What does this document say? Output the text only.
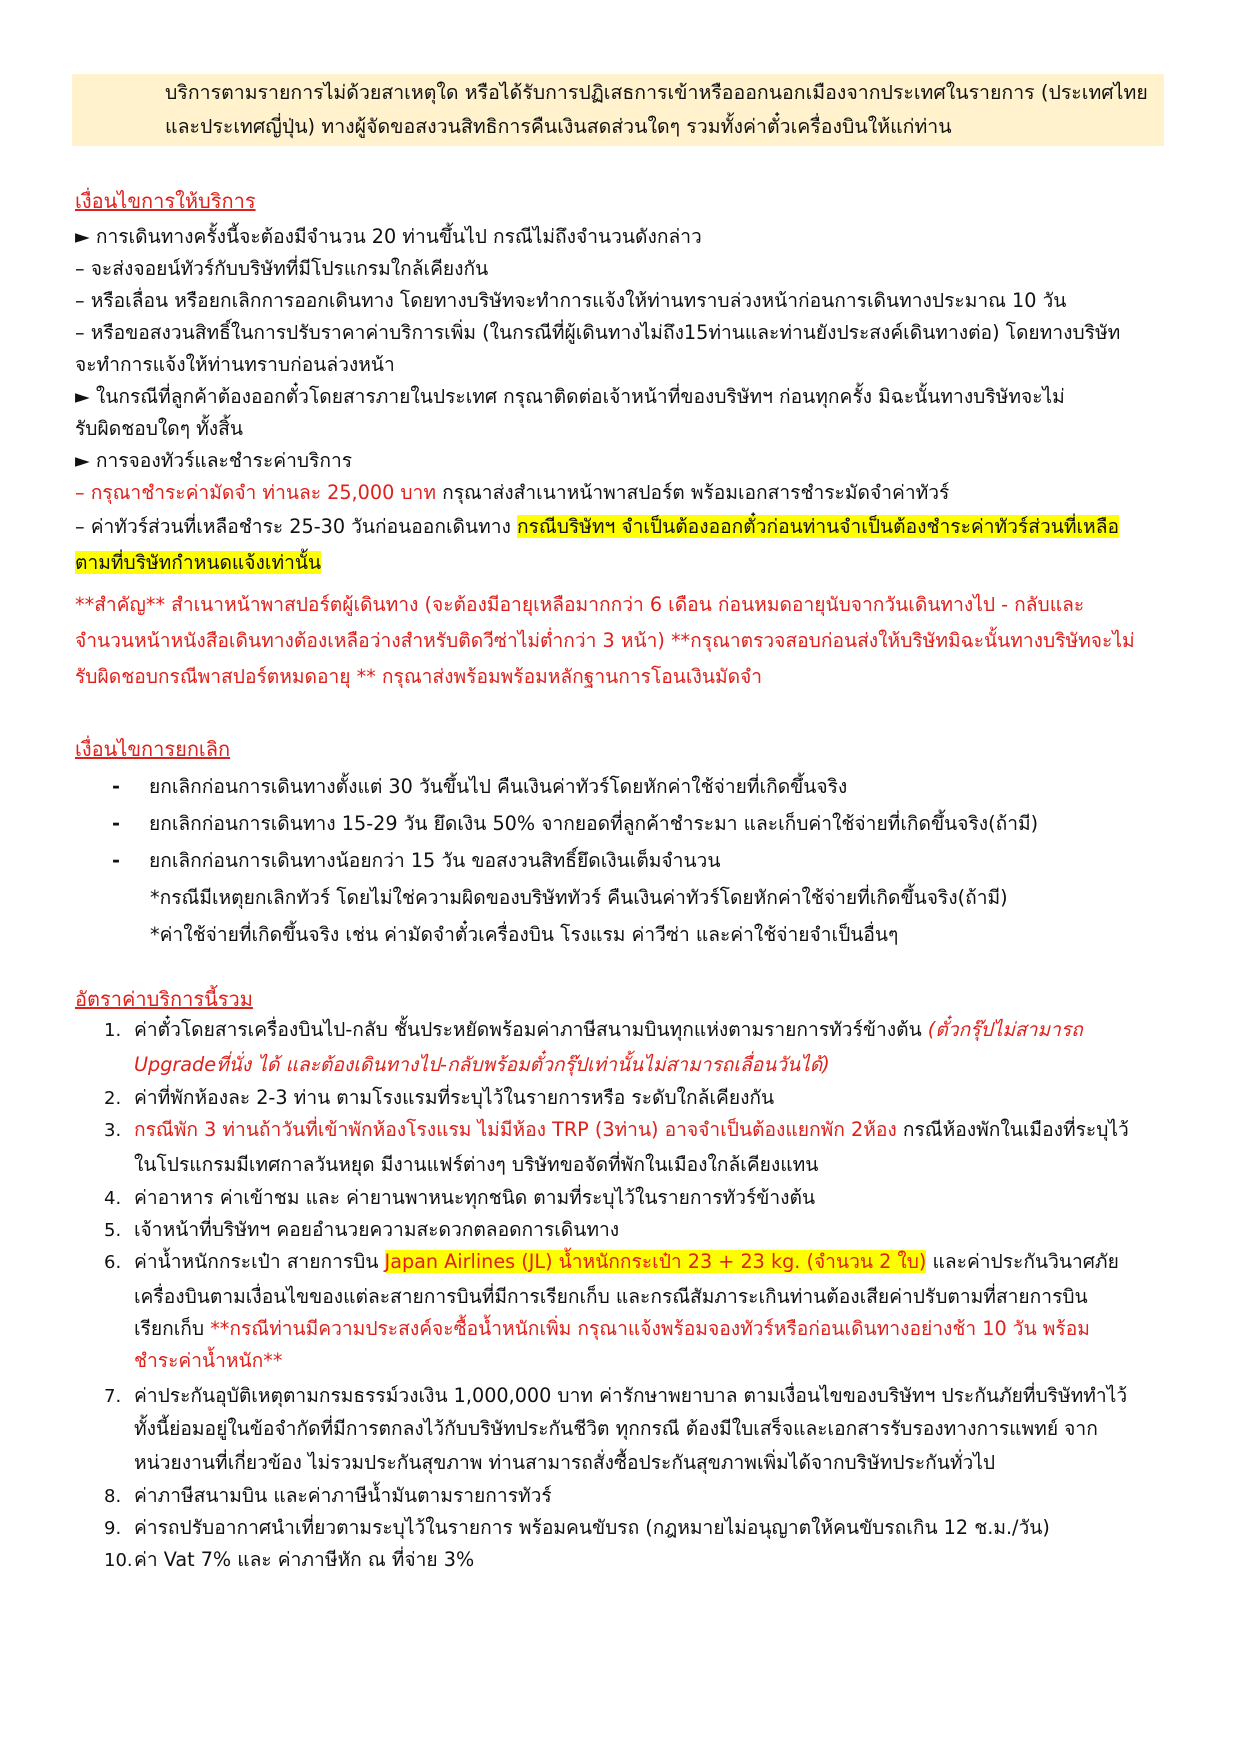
บริการตามรายการไม่ด้วยสาเหตุใด หรือได้รับการปฏิเสธการเข้าหรือออกนอกเมืองจากประเทศในรายการ (ประเทศไทย
และประเทศญี่ปุ่น) ทางผู้จัดขอสงวนสิทธิการคืนเงินสดส่วนใดๆ รวมทั้งค่าตั๋วเครื่องบินให้แก่ท่าน
เงื่อนไขการให้บริการ
► การเดินทางครั้งนี้จะต้องมีจำนวน 20 ท่านขึ้นไป กรณีไม่ถึงจำนวนดังกล่าว
– จะส่งจอยน์ทัวร์กับบริษัทที่มีโปรแกรมใกล้เคียงกัน
– หรือเลื่อน หรือยกเลิกการออกเดินทาง โดยทางบริษัทจะทำการแจ้งให้ท่านทราบล่วงหน้าก่อนการเดินทางประมาณ 10 วัน
– หรือขอสงวนสิทธิ์ในการปรับราคาค่าบริการเพิ่ม (ในกรณีที่ผู้เดินทางไม่ถึง15ท่านและท่านยังประสงค์เดินทางต่อ) โดยทางบริษัท
จะทำการแจ้งให้ท่านทราบก่อนล่วงหน้า
► ในกรณีที่ลูกค้าต้องออกตั๋วโดยสารภายในประเทศ กรุณาติดต่อเจ้าหน้าที่ของบริษัทฯ ก่อนทุกครั้ง มิฉะนั้นทางบริษัทจะไม่
รับผิดชอบใดๆ ทั้งสิ้น
► การจองทัวร์และชำระค่าบริการ
– กรุณาชำระค่ามัดจำ ท่านละ 25,000 บาท กรุณาส่งสำเนาหน้าพาสปอร์ต พร้อมเอกสารชำระมัดจำค่าทัวร์
– ค่าทัวร์ส่วนที่เหลือชำระ 25-30 วันก่อนออกเดินทาง กรณีบริษัทฯ จำเป็นต้องออกตั๋วก่อนท่านจำเป็นต้องชำระค่าทัวร์ส่วนที่เหลือ
ตามที่บริษัทกำหนดแจ้งเท่านั้น
**สำคัญ** สำเนาหน้าพาสปอร์ตผู้เดินทาง (จะต้องมีอายุเหลือมากกว่า 6 เดือน ก่อนหมดอายุนับจากวันเดินทางไป - กลับและ
จำนวนหน้าหนังสือเดินทางต้องเหลือว่างสำหรับติดวีซ่าไม่ต่ำกว่า 3 หน้า) **กรุณาตรวจสอบก่อนส่งให้บริษัทมิฉะนั้นทางบริษัทจะไม่
รับผิดชอบกรณีพาสปอร์ตหมดอายุ ** กรุณาส่งพร้อมพร้อมหลักฐานการโอนเงินมัดจำ
เงื่อนไขการยกเลิก
- ยกเลิกก่อนการเดินทางตั้งแต่ 30 วันขึ้นไป คืนเงินค่าทัวร์โดยหักค่าใช้จ่ายที่เกิดขึ้นจริง
- ยกเลิกก่อนการเดินทาง 15-29 วัน ยึดเงิน 50% จากยอดที่ลูกค้าชำระมา และเก็บค่าใช้จ่ายที่เกิดขึ้นจริง(ถ้ามี)
- ยกเลิกก่อนการเดินทางน้อยกว่า 15 วัน ขอสงวนสิทธิ์ยึดเงินเต็มจำนวน
*กรณีมีเหตุยกเลิกทัวร์ โดยไม่ใช่ความผิดของบริษัททัวร์ คืนเงินค่าทัวร์โดยหักค่าใช้จ่ายที่เกิดขึ้นจริง(ถ้ามี)
*ค่าใช้จ่ายที่เกิดขึ้นจริง เช่น ค่ามัดจำตั๋วเครื่องบิน โรงแรม ค่าวีซ่า และค่าใช้จ่ายจำเป็นอื่นๆ
อัตราค่าบริการนี้รวม
1. ค่าตั๋วโดยสารเครื่องบินไป-กลับ ชั้นประหยัดพร้อมค่าภาษีสนามบินทุกแห่งตามรายการทัวร์ข้างต้น (ตั๋วกรุ๊ปไม่สามารถ
Upgradeที่นั่ง ได้ และต้องเดินทางไป-กลับพร้อมตั๋วกรุ๊ปเท่านั้นไม่สามารถเลื่อนวันได้)
2. ค่าที่พักห้องละ 2-3 ท่าน ตามโรงแรมที่ระบุไว้ในรายการหรือ ระดับใกล้เคียงกัน
3. กรณีพัก 3 ท่านถ้าวันที่เข้าพักห้องโรงแรม ไม่มีห้อง TRP (3ท่าน) อาจจำเป็นต้องแยกพัก 2ห้อง กรณีห้องพักในเมืองที่ระบุไว้
ในโปรแกรมมีเทศกาลวันหยุด มีงานแฟร์ต่างๆ บริษัทขอจัดที่พักในเมืองใกล้เคียงแทน
4. ค่าอาหาร ค่าเข้าชม และ ค่ายานพาหนะทุกชนิด ตามที่ระบุไว้ในรายการทัวร์ข้างต้น
5. เจ้าหน้าที่บริษัทฯ คอยอำนวยความสะดวกตลอดการเดินทาง
6. ค่าน้ำหนักกระเป๋า สายการบิน Japan Airlines (JL) น้ำหนักกระเป๋า 23 + 23 kg. (จำนวน 2 ใบ) และค่าประกันวินาศภัย
เครื่องบินตามเงื่อนไขของแต่ละสายการบินที่มีการเรียกเก็บ และกรณีสัมภาระเกินท่านต้องเสียค่าปรับตามที่สายการบิน
เรียกเก็บ **กรณีท่านมีความประสงค์จะซื้อน้ำหนักเพิ่ม กรุณาแจ้งพร้อมจองทัวร์หรือก่อนเดินทางอย่างช้า 10 วัน พร้อม
ชำระค่าน้ำหนัก**
7. ค่าประกันอุบัติเหตุตามกรมธรรม์วงเงิน 1,000,000 บาท ค่ารักษาพยาบาล ตามเงื่อนไขของบริษัทฯ ประกันภัยที่บริษัททำไว้
ทั้งนี้ย่อมอยู่ในข้อจำกัดที่มีการตกลงไว้กับบริษัทประกันชีวิต ทุกกรณี ต้องมีใบเสร็จและเอกสารรับรองทางการแพทย์ จาก
หน่วยงานที่เกี่ยวข้อง ไม่รวมประกันสุขภาพ ท่านสามารถสั่งซื้อประกันสุขภาพเพิ่มได้จากบริษัทประกันทั่วไป
8. ค่าภาษีสนามบิน และค่าภาษีน้ำมันตามรายการทัวร์
9. ค่ารถปรับอากาศนำเที่ยวตามระบุไว้ในรายการ พร้อมคนขับรถ (กฎหมายไม่อนุญาตให้คนขับรถเกิน 12 ช.ม./วัน)
10.ค่า Vat 7% และ ค่าภาษีหัก ณ ที่จ่าย 3%
